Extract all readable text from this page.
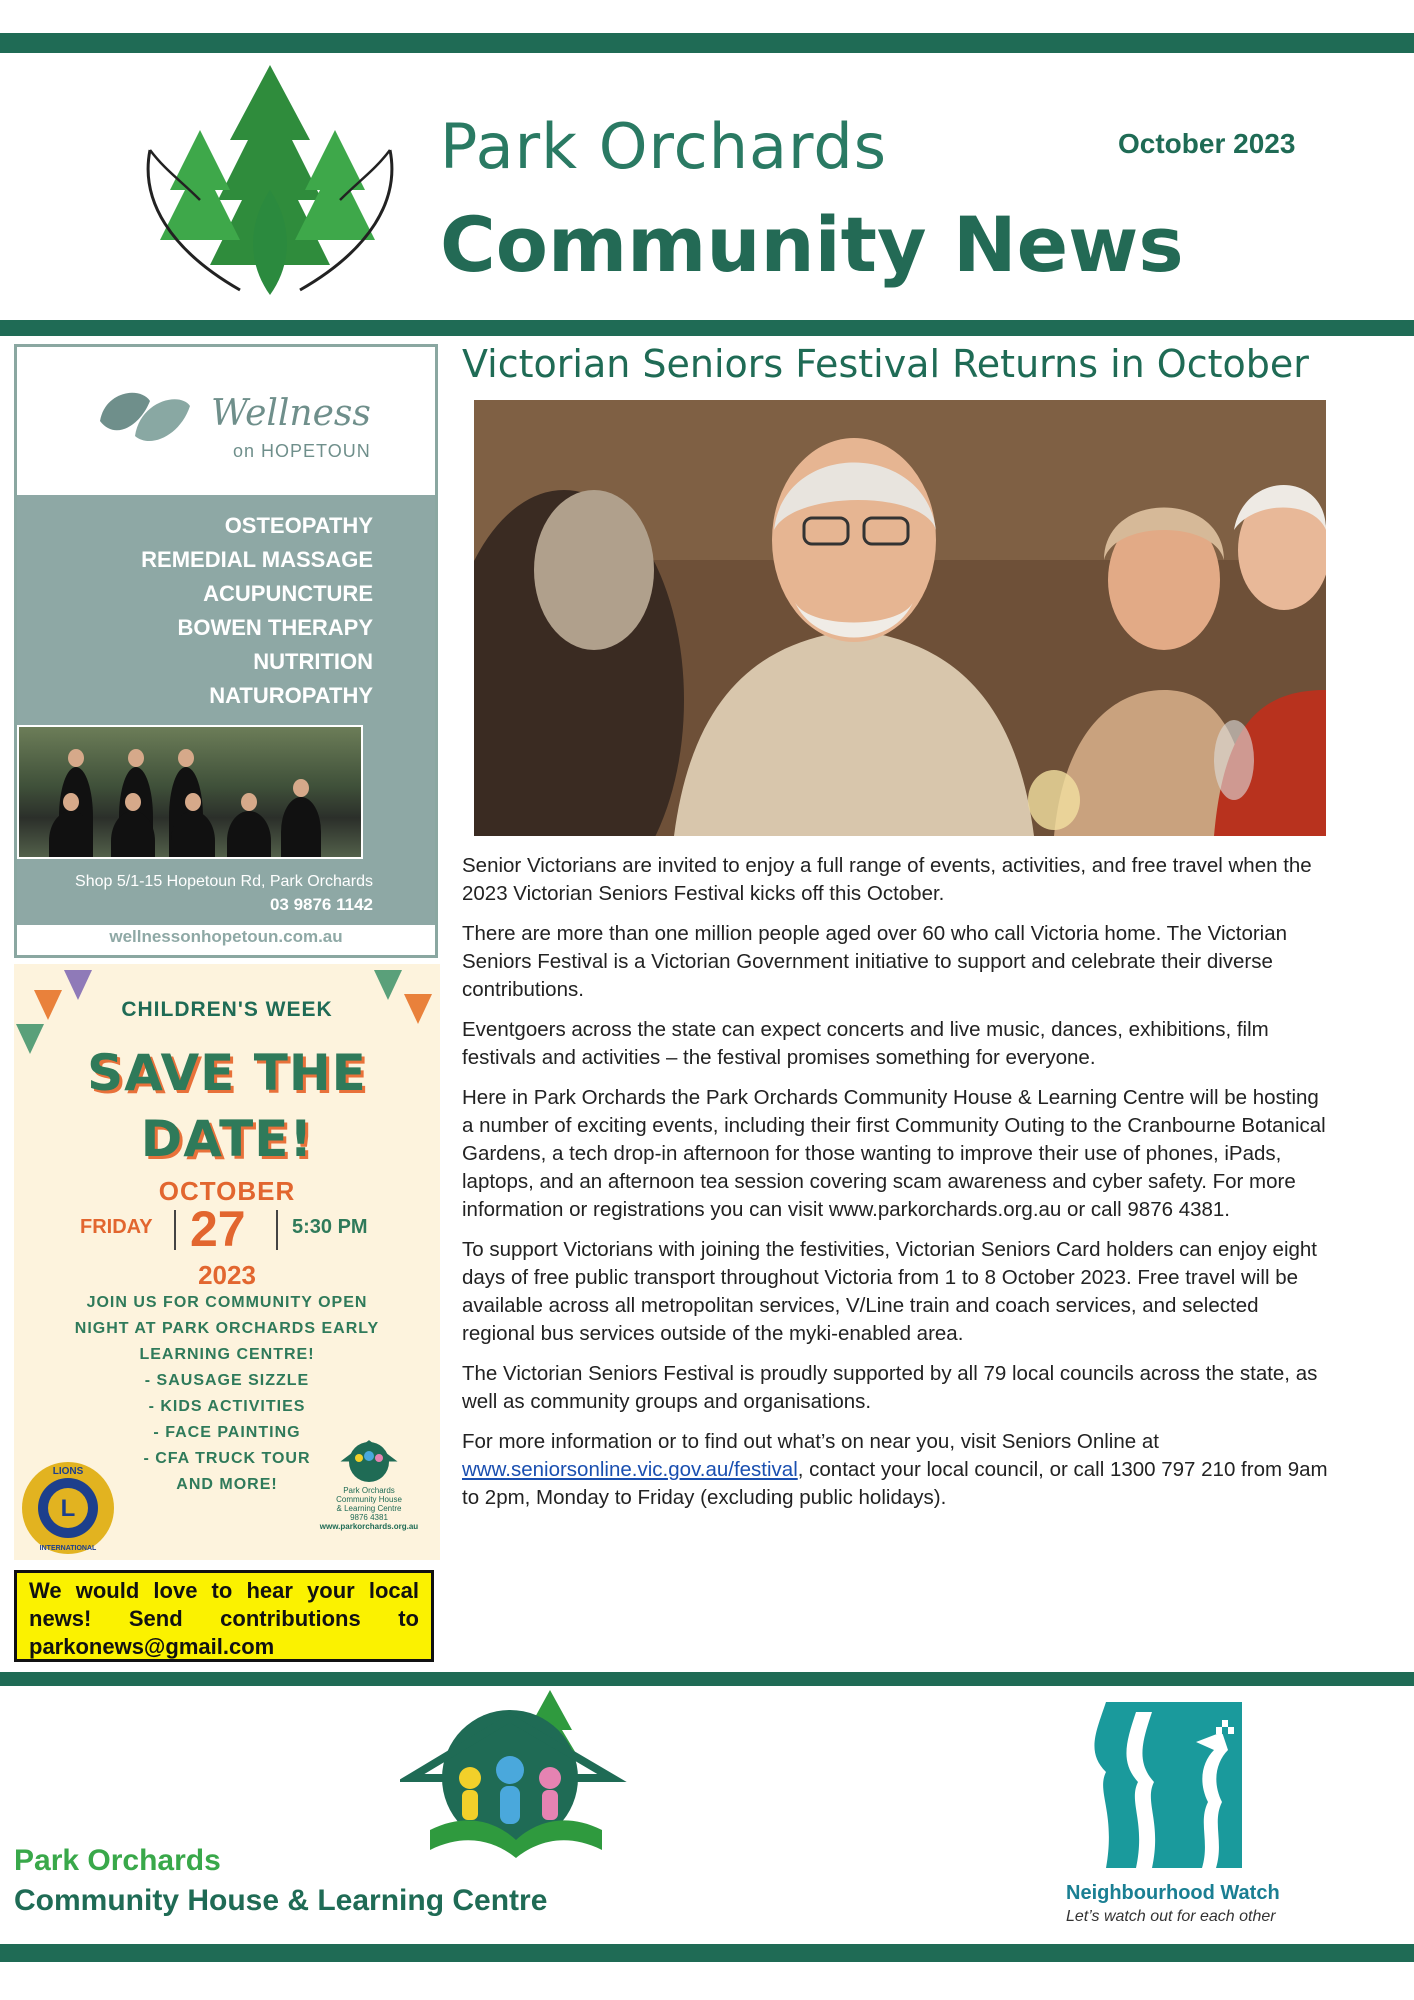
Park Orchards
Community News
October 2023
Wellness
on HOPETOUN
OSTEOPATHY
REMEDIAL MASSAGE
ACUPUNCTURE
BOWEN THERAPY
NUTRITION
NATUROPATHY
Shop 5/1-15 Hopetoun Rd, Park Orchards
03 9876 1142
wellnessonhopetoun.com.au
CHILDREN'S WEEK
SAVE THE
DATE!
OCTOBER
FRIDAY 27 5:30 PM
2023
JOIN US FOR COMMUNITY OPEN
NIGHT AT PARK ORCHARDS EARLY
LEARNING CENTRE!
- SAUSAGE SIZZLE
- KIDS ACTIVITIES
- FACE PAINTING
- CFA TRUCK TOUR
AND MORE!
L
LIONS
INTERNATIONAL
Park Orchards
Community House
& Learning Centre
9876 4381
www.parkorchards.org.au
We would love to hear your local news! Send contributions to parkonews@gmail.com
Victorian Seniors Festival Returns in October

Senior Victorians are invited to enjoy a full range of events, activities, and free travel when the 2023 Victorian Seniors Festival kicks off this October.

There are more than one million people aged over 60 who call Victoria home. The Victorian Seniors Festival is a Victorian Government initiative to support and celebrate their diverse contributions.

Eventgoers across the state can expect concerts and live music, dances, exhibitions, film festivals and activities – the festival promises something for everyone.

Here in Park Orchards the Park Orchards Community House & Learning Centre will be hosting a number of exciting events, including their first Community Outing to the Cranbourne Botanical Gardens, a tech drop-in afternoon for those wanting to improve their use of phones, iPads, laptops, and an afternoon tea session covering scam awareness and cyber safety. For more information or registrations you can visit www.parkorchards.org.au or call 9876 4381.

To support Victorians with joining the festivities, Victorian Seniors Card holders can enjoy eight days of free public transport throughout Victoria from 1 to 8 October 2023. Free travel will be available across all metropolitan services, V/Line train and coach services, and selected regional bus services outside of the myki-enabled area.

The Victorian Seniors Festival is proudly supported by all 79 local councils across the state, as well as community groups and organisations.

For more information or to find out what’s on near you, visit Seniors Online at www.seniorsonline.vic.gov.au/festival, contact your local council, or call 1300 797 210 from 9am to 2pm, Monday to Friday (excluding public holidays).

Park Orchards
Community House & Learning Centre	Neighbourhood Watch
Let’s watch out for each other
